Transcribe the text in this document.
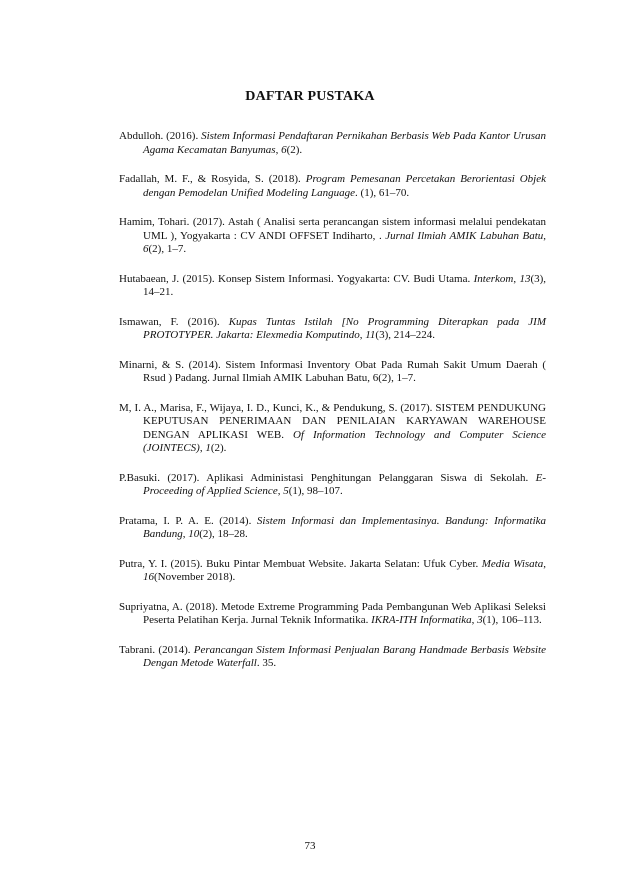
DAFTAR PUSTAKA

Abdulloh. (2016). Sistem Informasi Pendaftaran Pernikahan Berbasis Web Pada Kantor Urusan Agama Kecamatan Banyumas, 6(2).

Fadallah, M. F., & Rosyida, S. (2018). Program Pemesanan Percetakan Berorientasi Objek dengan Pemodelan Unified Modeling Language. (1), 61–70.

Hamim, Tohari. (2017). Astah ( Analisi serta perancangan sistem informasi melalui pendekatan UML ), Yogyakarta : CV ANDI OFFSET Indiharto, . Jurnal Ilmiah AMIK Labuhan Batu, 6(2), 1–7.

Hutabaean, J. (2015). Konsep Sistem Informasi. Yogyakarta: CV. Budi Utama. Interkom, 13(3), 14–21.

Ismawan, F. (2016). Kupas Tuntas Istilah [No Programming Diterapkan pada JIM PROTOTYPER. Jakarta: Elexmedia Komputindo, 11(3), 214–224.

Minarni, & S. (2014). Sistem Informasi Inventory Obat Pada Rumah Sakit Umum Daerah ( Rsud ) Padang. Jurnal Ilmiah AMIK Labuhan Batu, 6(2), 1–7.

M, I. A., Marisa, F., Wijaya, I. D., Kunci, K., & Pendukung, S. (2017). SISTEM PENDUKUNG KEPUTUSAN PENERIMAAN DAN PENILAIAN KARYAWAN WAREHOUSE DENGAN APLIKASI WEB. Of Information Technology and Computer Science (JOINTECS), 1(2).

P.Basuki. (2017). Aplikasi Administasi Penghitungan Pelanggaran Siswa di Sekolah. E-Proceeding of Applied Science, 5(1), 98–107.

Pratama, I. P. A. E. (2014). Sistem Informasi dan Implementasinya. Bandung: Informatika Bandung, 10(2), 18–28.

Putra, Y. I. (2015). Buku Pintar Membuat Website. Jakarta Selatan: Ufuk Cyber. Media Wisata, 16(November 2018).

Supriyatna, A. (2018). Metode Extreme Programming Pada Pembangunan Web Aplikasi Seleksi Peserta Pelatihan Kerja. Jurnal Teknik Informatika. IKRA-ITH Informatika, 3(1), 106–113.

Tabrani. (2014). Perancangan Sistem Informasi Penjualan Barang Handmade Berbasis Website Dengan Metode Waterfall. 35.

73
